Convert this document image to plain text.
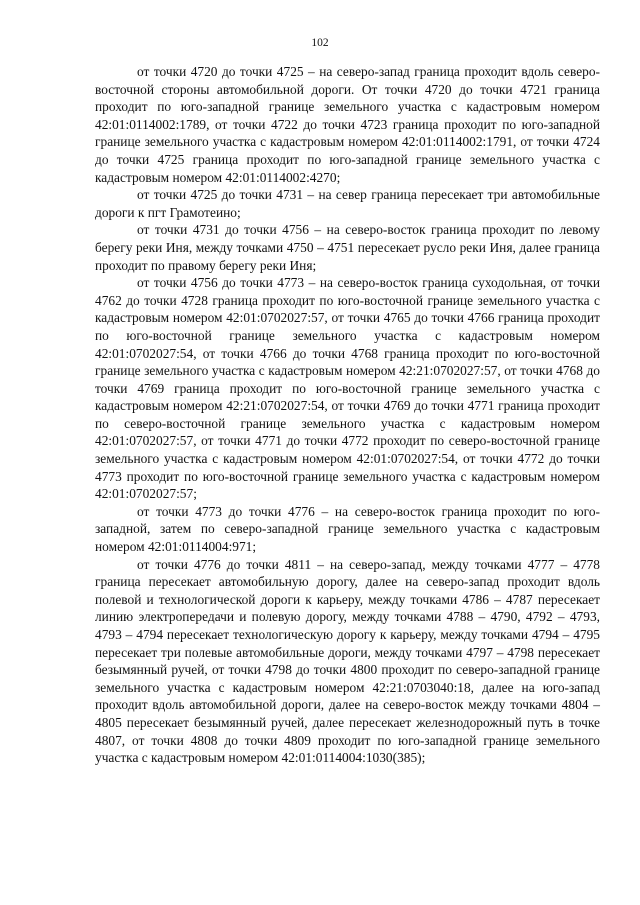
102

от точки 4720 до точки 4725 – на северо-запад граница проходит вдоль северо-восточной стороны автомобильной дороги. От точки 4720 до точки 4721 граница проходит по юго-западной границе земельного участка с кадастровым номером 42:01:0114002:1789, от точки 4722 до точки 4723 граница проходит по юго-западной границе земельного участка с кадастровым номером 42:01:0114002:1791, от точки 4724 до точки 4725 граница проходит по юго-западной границе земельного участка с кадастровым номером 42:01:0114002:4270;

от точки 4725 до точки 4731 – на север граница пересекает три автомобильные дороги к пгт Грамотеино;

от точки 4731 до точки 4756 – на северо-восток граница проходит по левому берегу реки Иня, между точками 4750 – 4751 пересекает русло реки Иня, далее граница проходит по правому берегу реки Иня;

от точки 4756 до точки 4773 – на северо-восток граница суходольная, от точки 4762 до точки 4728 граница проходит по юго-восточной границе земельного участка с кадастровым номером 42:01:0702027:57, от точки 4765 до точки 4766 граница проходит по юго-восточной границе земельного участка с кадастровым номером 42:01:0702027:54, от точки 4766 до точки 4768 граница проходит по юго-восточной границе земельного участка с кадастровым номером 42:21:0702027:57, от точки 4768 до точки 4769 граница проходит по юго-восточной границе земельного участка с кадастровым номером 42:21:0702027:54, от точки 4769 до точки 4771 граница проходит по северо-восточной границе земельного участка с кадастровым номером 42:01:0702027:57, от точки 4771 до точки 4772 проходит по северо-восточной границе земельного участка с кадастровым номером 42:01:0702027:54, от точки 4772 до точки 4773 проходит по юго-восточной границе земельного участка с кадастровым номером 42:01:0702027:57;

от точки 4773 до точки 4776 – на северо-восток граница проходит по юго-западной, затем по северо-западной границе земельного участка с кадастровым номером 42:01:0114004:971;

от точки 4776 до точки 4811 – на северо-запад, между точками 4777 – 4778 граница пересекает автомобильную дорогу, далее на северо-запад проходит вдоль полевой и технологической дороги к карьеру, между точками 4786 – 4787 пересекает линию электропередачи и полевую дорогу, между точками 4788 – 4790, 4792 – 4793, 4793 – 4794 пересекает технологическую дорогу к карьеру, между точками 4794 – 4795 пересекает три полевые автомобильные дороги, между точками 4797 – 4798 пересекает безымянный ручей, от точки 4798 до точки 4800 проходит по северо-западной границе земельного участка с кадастровым номером 42:21:0703040:18, далее на юго-запад проходит вдоль автомобильной дороги, далее на северо-восток между точками 4804 – 4805 пересекает безымянный ручей, далее пересекает железнодорожный путь в точке 4807, от точки 4808 до точки 4809 проходит по юго-западной границе земельного участка с кадастровым номером 42:01:0114004:1030(385);
